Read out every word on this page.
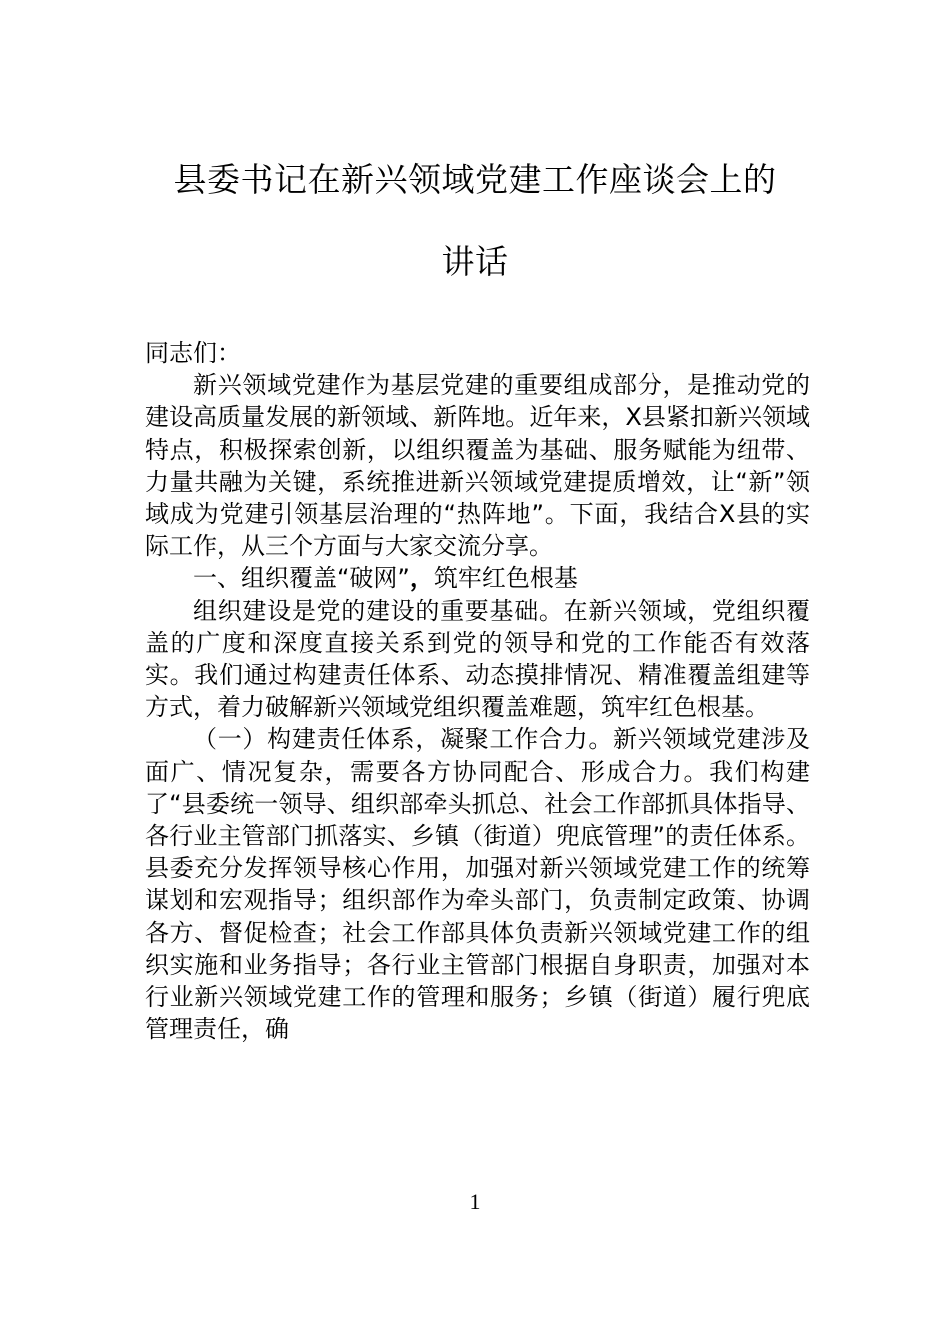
县委书记在新兴领域党建工作座谈会上的
讲话

同志们：

新兴领域党建作为基层党建的重要组成部分，是推动党的建设高质量发展的新领域、新阵地。近年来，X县紧扣新兴领域特点，积极探索创新，以组织覆盖为基础、服务赋能为纽带、力量共融为关键，系统推进新兴领域党建提质增效，让“新”领域成为党建引领基层治理的“热阵地”。下面，我结合X县的实际工作，从三个方面与大家交流分享。

一、组织覆盖“破网”，筑牢红色根基

组织建设是党的建设的重要基础。在新兴领域，党组织覆盖的广度和深度直接关系到党的领导和党的工作能否有效落实。我们通过构建责任体系、动态摸排情况、精准覆盖组建等方式，着力破解新兴领域党组织覆盖难题，筑牢红色根基。

（一）构建责任体系，凝聚工作合力。新兴领域党建涉及面广、情况复杂，需要各方协同配合、形成合力。我们构建了“县委统一领导、组织部牵头抓总、社会工作部抓具体指导、各行业主管部门抓落实、乡镇（街道）兜底管理”的责任体系。县委充分发挥领导核心作用，加强对新兴领域党建工作的统筹谋划和宏观指导；组织部作为牵头部门，负责制定政策、协调各方、督促检查；社会工作部具体负责新兴领域党建工作的组织实施和业务指导；各行业主管部门根据自身职责，加强对本行业新兴领域党建工作的管理和服务；乡镇（街道）履行兜底管理责任，确

1
